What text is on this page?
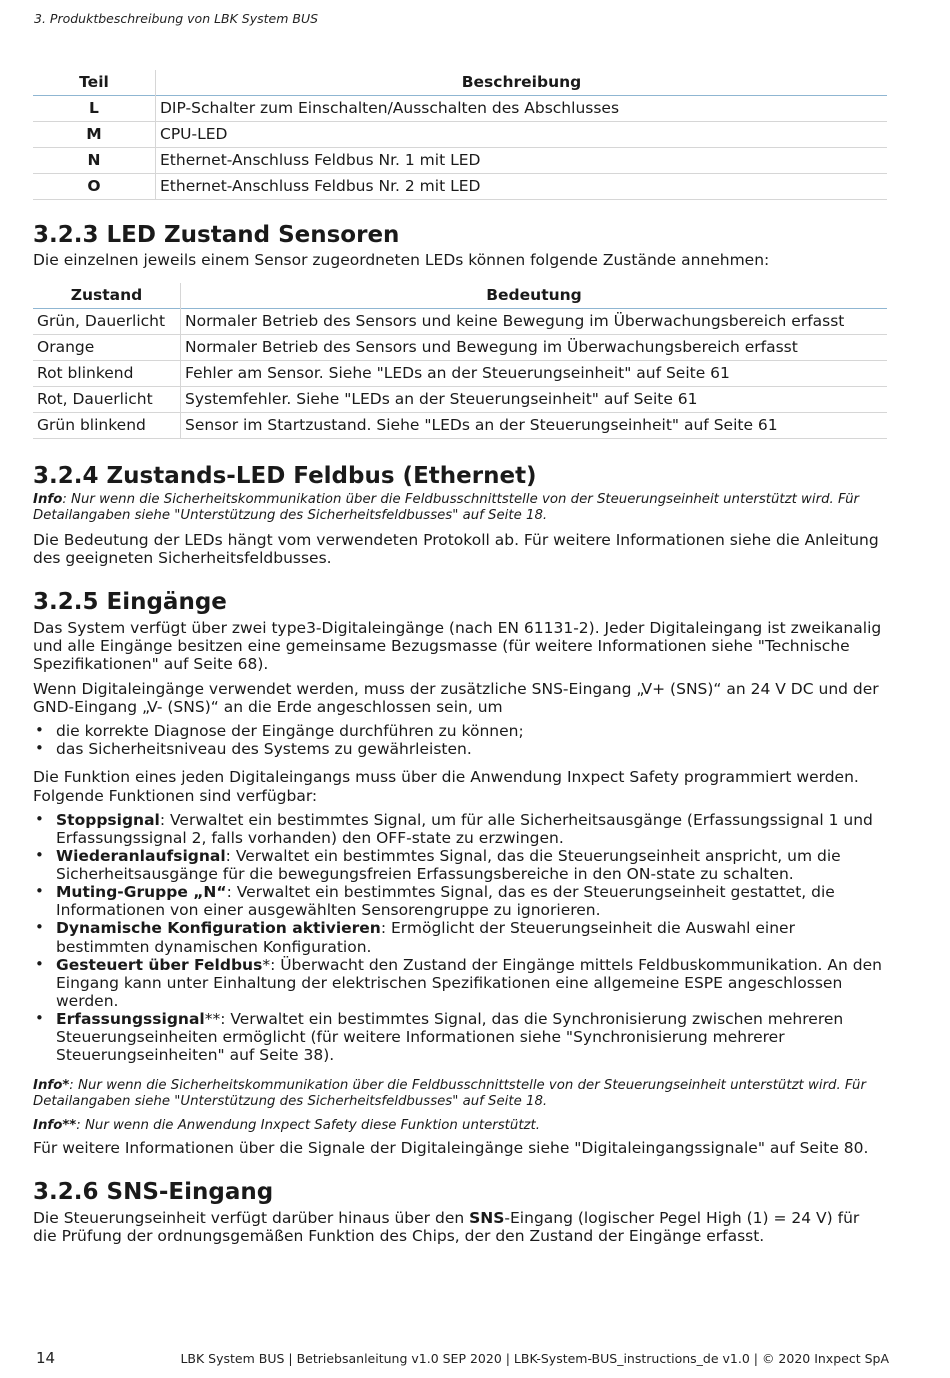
3. Produktbeschreibung von LBK System BUS
Teil	Beschreibung
L	DIP-Schalter zum Einschalten/Ausschalten des Abschlusses
M	CPU-LED
N	Ethernet-Anschluss Feldbus Nr. 1 mit LED
O	Ethernet-Anschluss Feldbus Nr. 2 mit LED
3.2.3 LED Zustand Sensoren

Die einzelnen jeweils einem Sensor zugeordneten LEDs können folgende Zustände annehmen:

Zustand	Bedeutung
Grün, Dauerlicht	Normaler Betrieb des Sensors und keine Bewegung im Überwachungsbereich erfasst
Orange	Normaler Betrieb des Sensors und Bewegung im Überwachungsbereich erfasst
Rot blinkend	Fehler am Sensor. Siehe "LEDs an der Steuerungseinheit" auf Seite 61
Rot, Dauerlicht	Systemfehler. Siehe "LEDs an der Steuerungseinheit" auf Seite 61
Grün blinkend	Sensor im Startzustand. Siehe "LEDs an der Steuerungseinheit" auf Seite 61
3.2.4 Zustands-LED Feldbus (Ethernet)

Info: Nur wenn die Sicherheitskommunikation über die Feldbusschnittstelle von der Steuerungseinheit unterstützt wird. Für Detailangaben siehe "Unterstützung des Sicherheitsfeldbusses" auf Seite 18.

Die Bedeutung der LEDs hängt vom verwendeten Protokoll ab. Für weitere Informationen siehe die Anleitung des geeigneten Sicherheitsfeldbusses.

3.2.5 Eingänge

Das System verfügt über zwei type3-Digitaleingänge (nach EN 61131-2). Jeder Digitaleingang ist zweikanalig und alle Eingänge besitzen eine gemeinsame Bezugsmasse (für weitere Informationen siehe "Technische Spezifikationen" auf Seite 68).

Wenn Digitaleingänge verwendet werden, muss der zusätzliche SNS-Eingang „V+ (SNS)“ an 24 V DC und der GND-Eingang „V- (SNS)“ an die Erde angeschlossen sein, um

• die korrekte Diagnose der Eingänge durchführen zu können;
• das Sicherheitsniveau des Systems zu gewährleisten.

Die Funktion eines jeden Digitaleingangs muss über die Anwendung Inxpect Safety programmiert werden. Folgende Funktionen sind verfügbar:

• Stoppsignal: Verwaltet ein bestimmtes Signal, um für alle Sicherheitsausgänge (Erfassungssignal 1 und Erfassungssignal 2, falls vorhanden) den OFF-state zu erzwingen.
• Wiederanlaufsignal: Verwaltet ein bestimmtes Signal, das die Steuerungseinheit anspricht, um die Sicherheitsausgänge für die bewegungsfreien Erfassungsbereiche in den ON-state zu schalten.
• Muting-Gruppe „N“: Verwaltet ein bestimmtes Signal, das es der Steuerungseinheit gestattet, die Informationen von einer ausgewählten Sensorengruppe zu ignorieren.
• Dynamische Konfiguration aktivieren: Ermöglicht der Steuerungseinheit die Auswahl einer bestimmten dynamischen Konfiguration.
• Gesteuert über Feldbus*: Überwacht den Zustand der Eingänge mittels Feldbuskommunikation. An den Eingang kann unter Einhaltung der elektrischen Spezifikationen eine allgemeine ESPE angeschlossen werden.
• Erfassungssignal**: Verwaltet ein bestimmtes Signal, das die Synchronisierung zwischen mehreren Steuerungseinheiten ermöglicht (für weitere Informationen siehe "Synchronisierung mehrerer Steuerungseinheiten" auf Seite 38).

Info*: Nur wenn die Sicherheitskommunikation über die Feldbusschnittstelle von der Steuerungseinheit unterstützt wird. Für Detailangaben siehe "Unterstützung des Sicherheitsfeldbusses" auf Seite 18.

Info**: Nur wenn die Anwendung Inxpect Safety diese Funktion unterstützt.

Für weitere Informationen über die Signale der Digitaleingänge siehe "Digitaleingangssignale" auf Seite 80.

3.2.6 SNS-Eingang

Die Steuerungseinheit verfügt darüber hinaus über den SNS-Eingang (logischer Pegel High (1) = 24 V) für die Prüfung der ordnungsgemäßen Funktion des Chips, der den Zustand der Eingänge erfasst.

14	LBK System BUS | Betriebsanleitung v1.0 SEP 2020 | LBK-System-BUS_instructions_de v1.0 | © 2020 Inxpect SpA
